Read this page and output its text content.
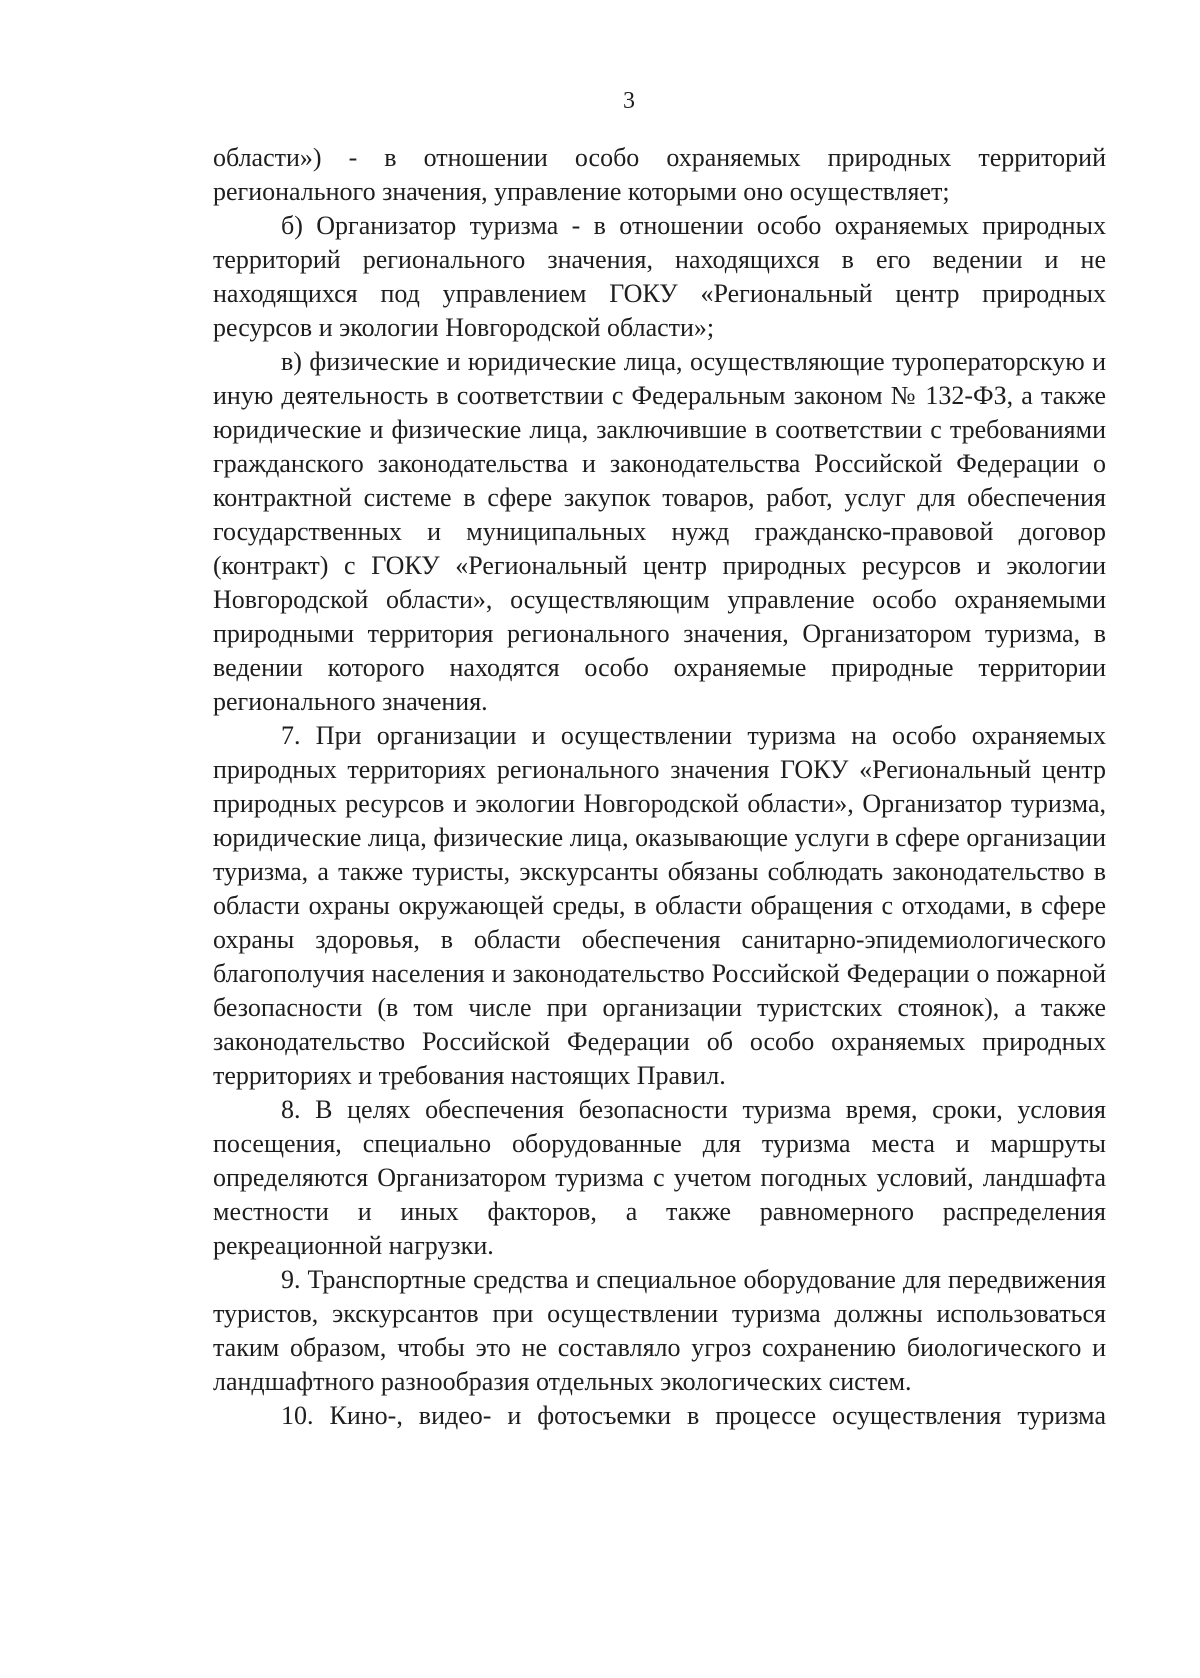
3

области») - в отношении особо охраняемых природных территорий регионального значения, управление которыми оно осуществляет;

б) Организатор туризма - в отношении особо охраняемых природных территорий регионального значения, находящихся в его ведении и не находящихся под управлением ГОКУ «Региональный центр природных ресурсов и экологии Новгородской области»;

в) физические и юридические лица, осуществляющие туроператорскую и иную деятельность в соответствии с Федеральным законом № 132-ФЗ, а также юридические и физические лица, заключившие в соответствии с требованиями гражданского законодательства и законодательства Российской Федерации о контрактной системе в сфере закупок товаров, работ, услуг для обеспечения государственных и муниципальных нужд гражданско-правовой договор (контракт) с ГОКУ «Региональный центр природных ресурсов и экологии Новгородской области», осуществляющим управление особо охраняемыми природными территория регионального значения, Организатором туризма, в ведении которого находятся особо охраняемые природные территории регионального значения.

7. При организации и осуществлении туризма на особо охраняемых природных территориях регионального значения ГОКУ «Региональный центр природных ресурсов и экологии Новгородской области», Организатор туризма, юридические лица, физические лица, оказывающие услуги в сфере организации туризма, а также туристы, экскурсанты обязаны соблюдать законодательство в области охраны окружающей среды, в области обращения с отходами, в сфере охраны здоровья, в области обеспечения санитарно-эпидемиологического благополучия населения и законодательство Российской Федерации о пожарной безопасности (в том числе при организации туристских стоянок), а также законодательство Российской Федерации об особо охраняемых природных территориях и требования настоящих Правил.

8. В целях обеспечения безопасности туризма время, сроки, условия посещения, специально оборудованные для туризма места и маршруты определяются Организатором туризма с учетом погодных условий, ландшафта местности и иных факторов, а также равномерного распределения рекреационной нагрузки.

9. Транспортные средства и специальное оборудование для передвижения туристов, экскурсантов при осуществлении туризма должны использоваться таким образом, чтобы это не составляло угроз сохранению биологического и ландшафтного разнообразия отдельных экологических систем.

10. Кино-, видео- и фотосъемки в процессе осуществления туризма
